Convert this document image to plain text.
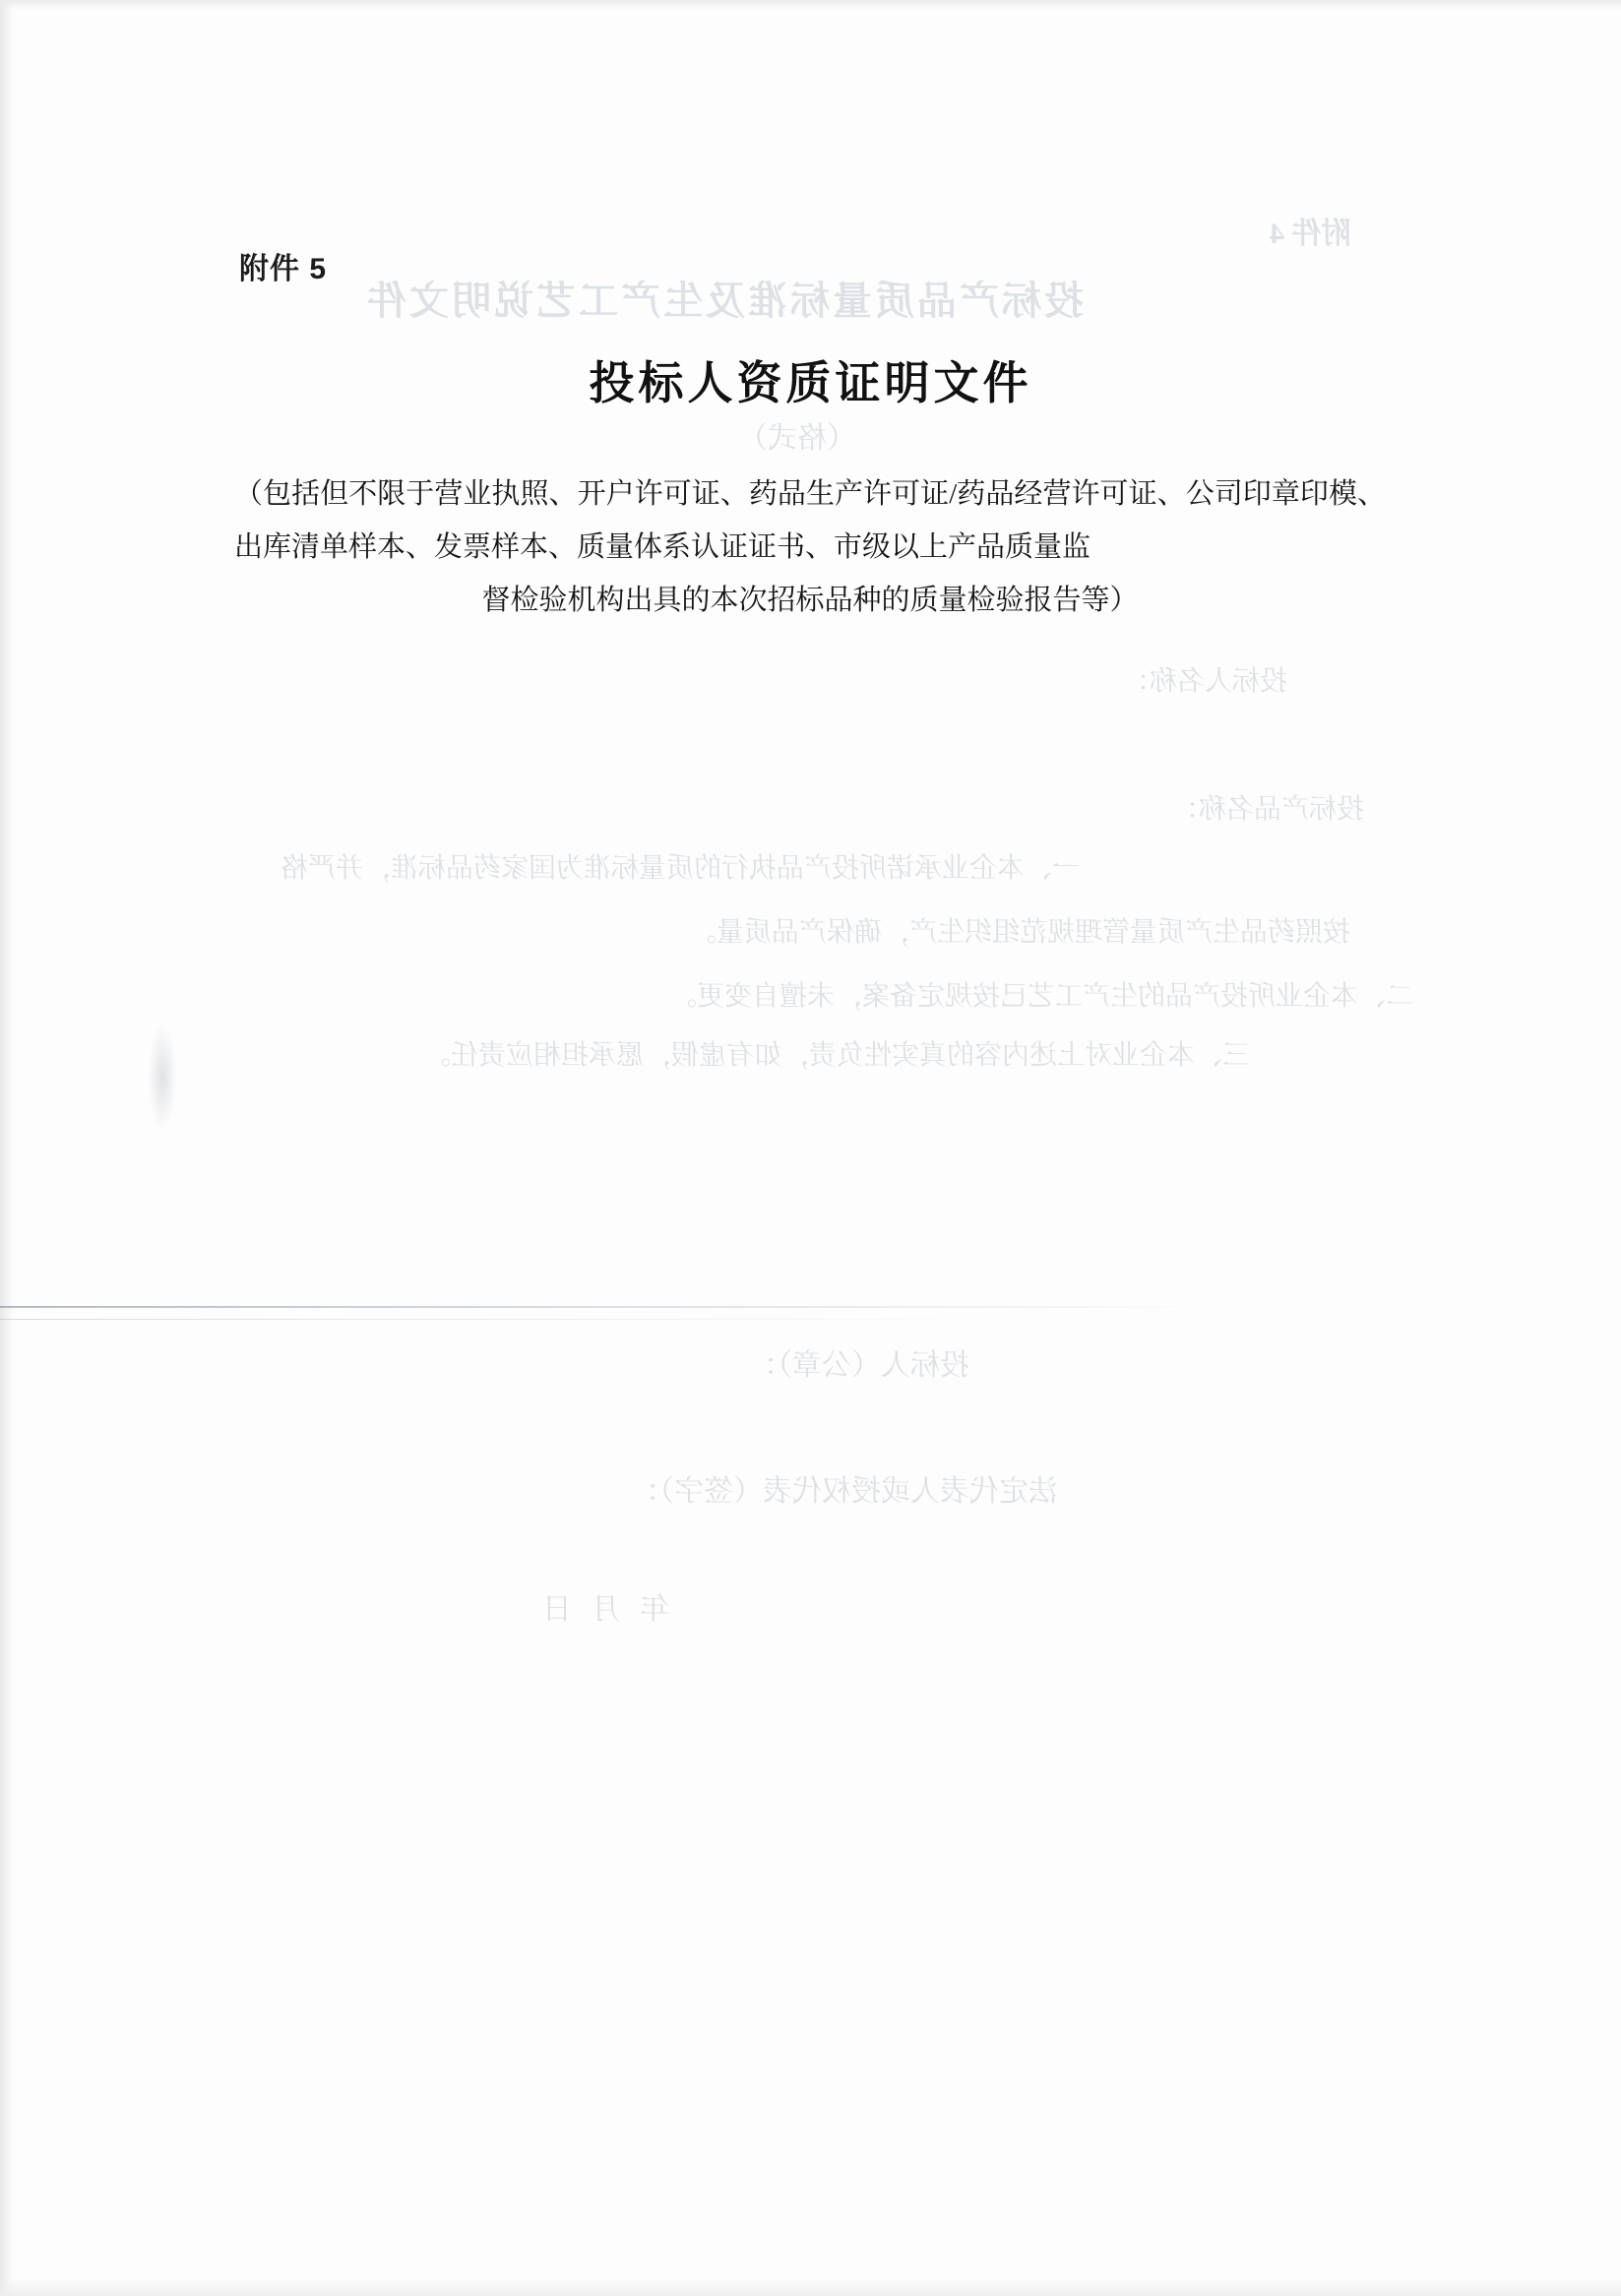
附件 4
投标产品质量标准及生产工艺说明文件
（格式）
投标人名称：
投标产品名称：
一、本企业承诺所投产品执行的质量标准为国家药品标准，并严格
按照药品生产质量管理规范组织生产，确保产品质量。
二、本企业所投产品的生产工艺已按规定备案，未擅自变更。
三、本企业对上述内容的真实性负责，如有虚假，愿承担相应责任。
投标人（公章）：
法定代表人或授权代表（签字）：
年 月 日
附件 5
投标人资质证明文件
（包括但不限于营业执照、开户许可证、药品生产许可证/药品经营许可证、公司印章印模、出库清单样本、发票样本、质量体系认证证书、市级以上产品质量监
督检验机构出具的本次招标品种的质量检验报告等）
